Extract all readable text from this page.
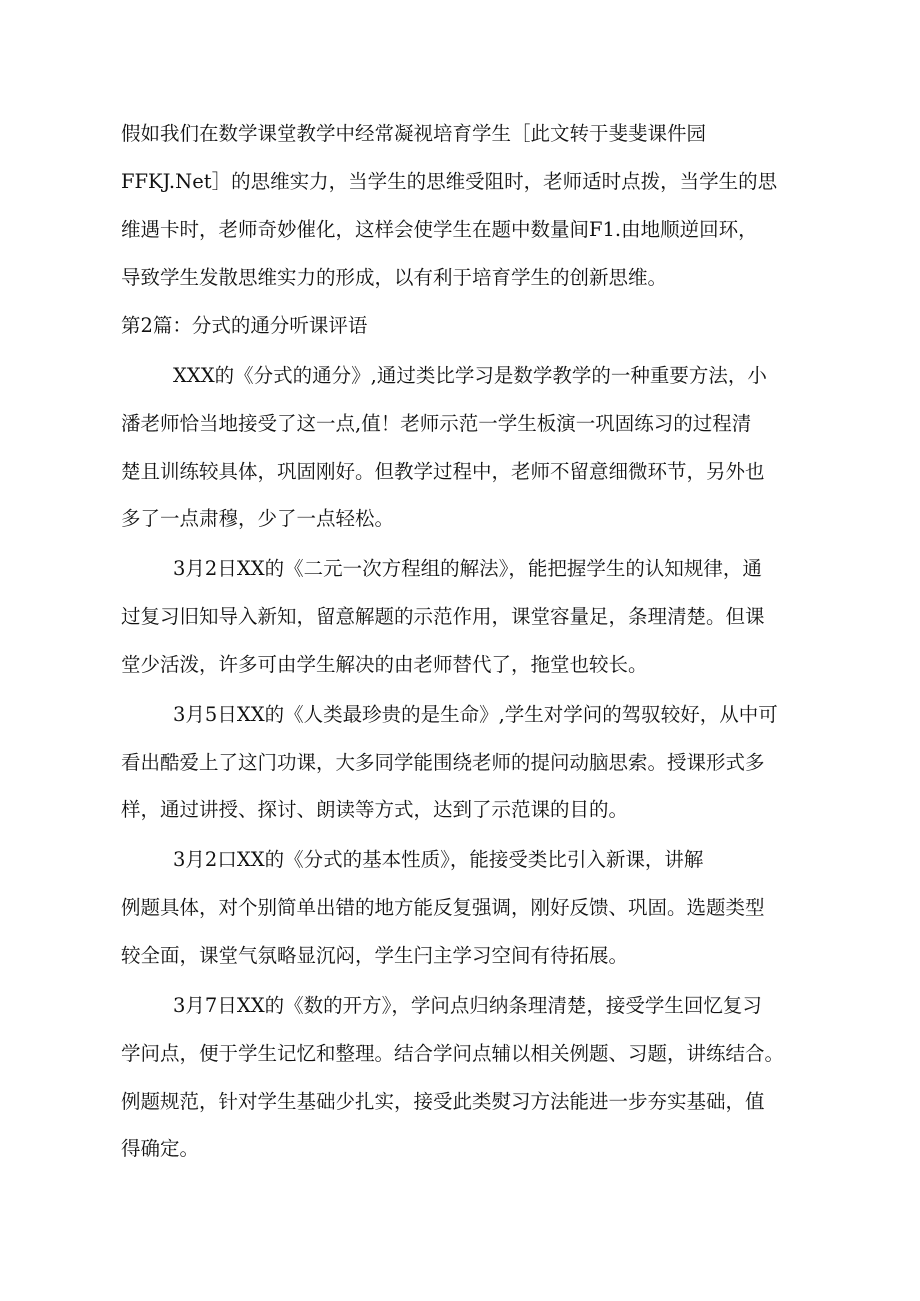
假如我们在数学课堂教学中经常凝视培育学生［此文转于斐斐课件园
FFKJ.Net］的思维实力，当学生的思维受阻时，老师适时点拨，当学生的思
维遇卡时，老师奇妙催化，这样会使学生在题中数量间F1.由地顺逆回环，
导致学生发散思维实力的形成，以有利于培育学生的创新思维。
第2篇：分式的通分听课评语
XXX的《分式的通分》,通过类比学习是数学教学的一种重要方法，小
潘老师恰当地接受了这一点,值！老师示范一学生板演一巩固练习的过程清
楚且训练较具体，巩固刚好。但教学过程中，老师不留意细微环节，另外也
多了一点肃穆，少了一点轻松。
3月2日XX的《二元一次方程组的解法》，能把握学生的认知规律，通
过复习旧知导入新知，留意解题的示范作用，课堂容量足，条理清楚。但课
堂少活泼，许多可由学生解决的由老师替代了，拖堂也较长。
3月5日XX的《人类最珍贵的是生命》,学生对学问的驾驭较好，从中可
看出酷爱上了这门功课，大多同学能围绕老师的提问动脑思索。授课形式多
样，通过讲授、探讨、朗读等方式，达到了示范课的目的。
3月2口XX的《分式的基本性质》，能接受类比引入新课，讲解
例题具体，对个别简单出错的地方能反复强调，刚好反馈、巩固。选题类型
较全面，课堂气氛略显沉闷，学生闩主学习空间有待拓展。
3月7日XX的《数的开方》，学问点归纳条理清楚，接受学生回忆复习
学问点，便于学生记忆和整理。结合学问点辅以相关例题、习题，讲练结合。
例题规范，针对学生基础少扎实，接受此类熨习方法能进一步夯实基础，值
得确定。
